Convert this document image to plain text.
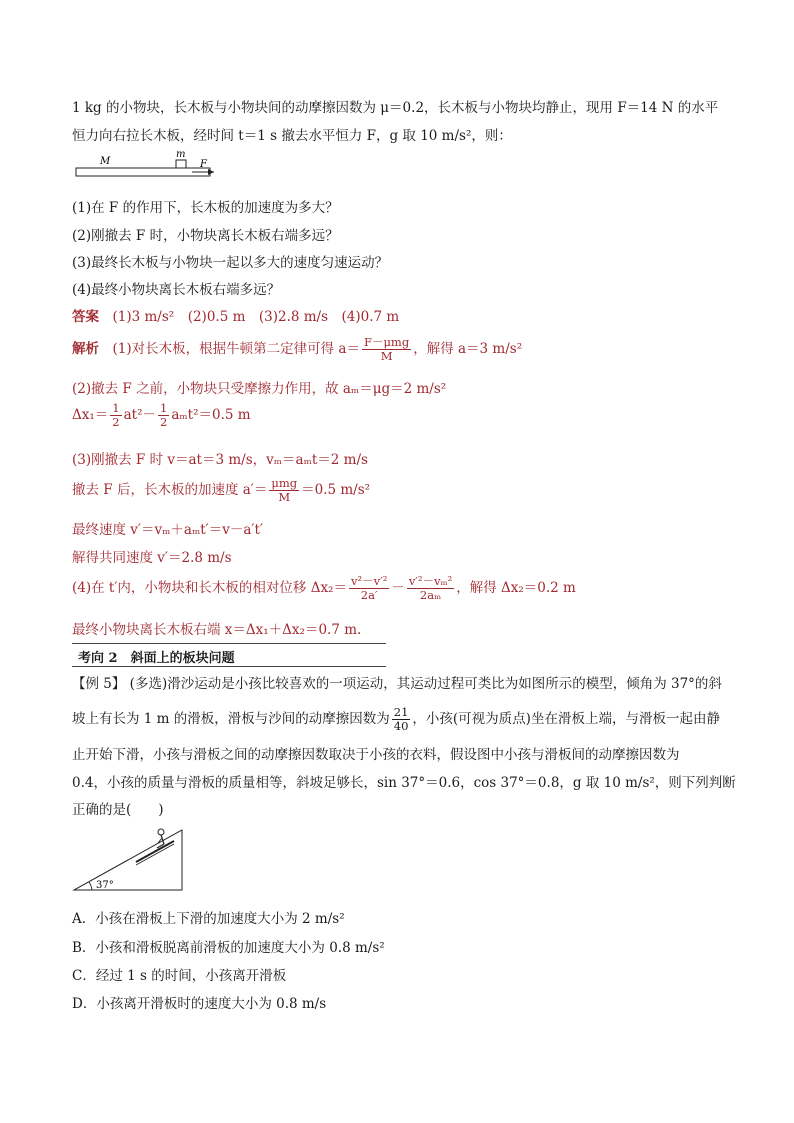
1 kg 的小物块，长木板与小物块间的动摩擦因数为 μ＝0.2，长木板与小物块均静止，现用 F＝14 N 的水平
恒力向右拉长木板，经时间 t＝1 s 撤去水平恒力 F，g 取 10 m/s²，则：
M
m
F
(1)在 F 的作用下，长木板的加速度为多大？
(2)刚撤去 F 时，小物块离长木板右端多远？
(3)最终长木板与小物块一起以多大的速度匀速运动？
(4)最终小物块离长木板右端多远？
答案　 (1)3 m/s²　(2)0.5 m　(3)2.8 m/s　(4)0.7 m
解析　 (1)对长木板，根据牛顿第二定律可得 $a= \frac{\text{F－μmg}}{M}$ ，解得 a＝3 m/s²
(2)撤去 F 之前，小物块只受摩擦力作用，故 aₘ＝μg＝2 m/s²
$\Delta x_1= \frac{1}{2} at^2- \frac{1}{2} a_mt^2=0.5$ m
(3)刚撤去 F 时 v＝at＝3 m/s，vₘ＝aₘt＝2 m/s
撤去 F 后，长木板的加速度 $a'= \frac{\text{μmg}}{M} =0.5$ m/s²
最终速度 v′＝vₘ＋aₘt′＝v－a′t′
解得共同速度 v′＝2.8 m/s
(4)在 t′内，小物块和长木板的相对位移 $\Delta x_2= \frac{\text{v²－v′²}}{2a'} - \frac{\text{v′²－vₘ²}}{\text{2aₘ}}$ ，解得 Δx₂＝0.2 m
最终小物块离长木板右端 x＝Δx₁＋Δx₂＝0.7 m.
考向 2　斜面上的板块问题
【例 5】 (多选)滑沙运动是小孩比较喜欢的一项运动，其运动过程可类比为如图所示的模型，倾角为 37°的斜
坡上有长为 1 m 的滑板，滑板与沙间的动摩擦因数为 $\frac{21}{40}$ ，小孩(可视为质点)坐在滑板上端，与滑板一起由静
止开始下滑，小孩与滑板之间的动摩擦因数取决于小孩的衣料，假设图中小孩与滑板间的动摩擦因数为
0.4，小孩的质量与滑板的质量相等，斜坡足够长，sin 37°＝0.6，cos 37°＝0.8，g 取 10 m/s²，则下列判断
正确的是(　　)
37°
A．小孩在滑板上下滑的加速度大小为 2 m/s²
B．小孩和滑板脱离前滑板的加速度大小为 0.8 m/s²
C．经过 1 s 的时间，小孩离开滑板
D．小孩离开滑板时的速度大小为 0.8 m/s
